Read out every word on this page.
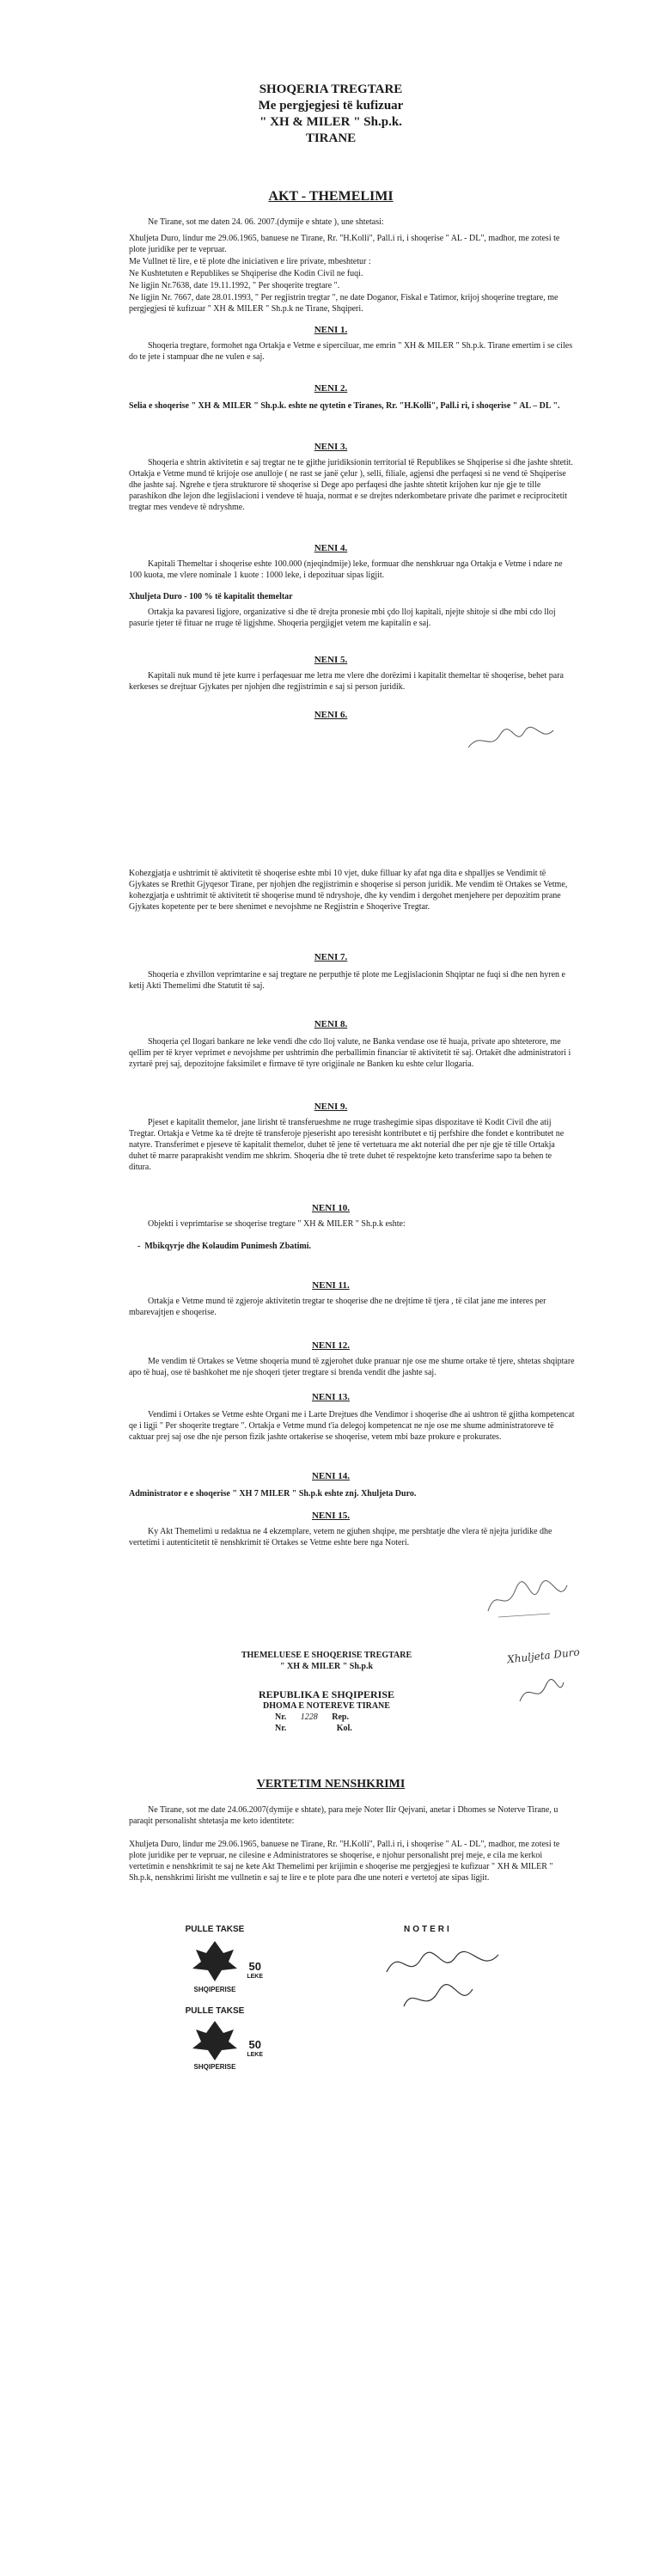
SHOQERIA TREGTARE
Me pergjegjesi të kufizuar
" XH & MILER " Sh.p.k.
TIRANE
AKT - THEMELIMI
Ne Tirane, sot me daten 24. 06. 2007.(dymije e shtate ), une shtetasi:
Xhuljeta Duro, lindur me 29.06.1965, banuese ne Tirane, Rr. "H.Kolli", Pall.i ri, i shoqerise " AL - DL", madhor, me zotesi te plote juridike per te vepruar.
Me Vullnet të lire, e të plote dhe iniciativen e lire private, mbeshtetur :
Ne Kushtetuten e Republikes se Shqiperise dhe Kodin Civil ne fuqi.
Ne ligjin Nr.7638, date 19.11.1992, " Per shoqerite tregtare ".
Ne ligjin Nr. 7667, date 28.01.1993, " Per regjistrin tregtar ", ne date Doganor, Fiskal e Tatimor, krijoj shoqerine tregtare, me pergjegjesi të kufizuar " XH & MILER " Sh.p.k ne Tirane, Shqiperi.
NENI 1.
Shoqeria tregtare, formohet nga Ortakja e Vetme e siperciluar, me emrin " XH & MILER " Sh.p.k. Tirane emertim i se ciles do te jete i stampuar dhe ne vulen e saj.
NENI 2.
Selia e shoqerise " XH & MILER " Sh.p.k. eshte ne qytetin e Tiranes, Rr. "H.Kolli", Pall.i ri, i shoqerise " AL – DL ".
NENI 3.
Shoqeria e shtrin aktivitetin e saj tregtar ne te gjithe juridiksionin territorial të Republikes se Shqiperise si dhe jashte shtetit. Ortakja e Vetme mund të krijoje ose anulloje ( ne rast se janë çelur ), selli, filiale, agjensi dhe perfaqesi si ne vend të Shqiperise dhe jashte saj. Ngrehe e tjera strukturore të shoqerise si Dege apo perfaqesi dhe jashte shtetit krijohen kur nje gje te tille parashikon dhe lejon dhe legjislacioni i vendeve të huaja, normat e se drejtes nderkombetare private dhe parimet e reciprocitetit tregtar mes vendeve të ndryshme.
NENI 4.
Kapitali Themeltar i shoqerise eshte 100.000 (njeqindmije) leke, formuar dhe nenshkruar nga Ortakja e Vetme i ndare ne 100 kuota, me vlere nominale 1 kuote : 1000 leke, i depozituar sipas ligjit.
Xhuljeta Duro - 100 % të kapitalit themeltar
Ortakja ka pavaresi ligjore, organizative si dhe të drejta pronesie mbi çdo lloj kapitali, njejte shitoje si dhe mbi cdo lloj pasurie tjeter të fituar ne rruge të ligjshme. Shoqeria pergjigjet vetem me kapitalin e saj.
NENI 5.
Kapitali nuk mund të jete kurre i perfaqesuar me letra me vlere dhe dorëzimi i kapitalit themeltar të shoqerise, behet para kerkeses se drejtuar Gjykates per njohjen dhe regjistrimin e saj si person juridik.
NENI 6.
Kohezgjatja e ushtrimit të aktivitetit të shoqerise eshte mbi 10 vjet, duke filluar ky afat nga dita e shpalljes se Vendimit të Gjykates se Rrethit Gjyqesor Tirane, per njohjen dhe regjistrimin e shoqerise si person juridik. Me vendim të Ortakes se Vetme, kohezgjatja e ushtrimit të aktivitetit të shoqerise mund të ndryshoje, dhe ky vendim i dergohet menjehere per depozitim prane Gjykates kopetente per te bere shenimet e nevojshme ne Regjistrin e Shoqerive Tregtar.
NENI 7.
Shoqeria e zhvillon veprimtarine e saj tregtare ne perputhje të plote me Legjislacionin Shqiptar ne fuqi si dhe nen hyren e ketij Akti Themelimi dhe Statutit të saj.
NENI 8.
Shoqeria çel llogari bankare ne leke vendi dhe cdo lloj valute, ne Banka vendase ose të huaja, private apo shteterore, me qellim per të kryer veprimet e nevojshme per ushtrimin dhe perballimin financiar të aktivitetit të saj. Ortakët dhe administratori i zyrtarë prej saj, depozitojne faksimilet e firmave të tyre origjinale ne Banken ku eshte celur llogaria.
NENI 9.
Pjeset e kapitalit themelor, jane lirisht të transferueshme ne rruge trashegimie sipas dispozitave të Kodit Civil dhe atij Tregtar. Ortakja e Vetme ka të drejte të transferoje pjeserisht apo teresisht kontributet e tij perfshire dhe fondet e kontributet ne natyre. Transferimet e pjeseve të kapitalit themelor, duhet të jene të vertetuara me akt noterial dhe per nje gje të tille Ortakja duhet të marre paraprakisht vendim me shkrim. Shoqeria dhe të trete duhet të respektojne keto transferime sapo ta behen te ditura.
NENI 10.
Objekti i veprimtarise se shoqerise tregtare " XH & MILER " Sh.p.k eshte:
-  Mbikqyrje dhe Kolaudim Punimesh Zbatimi.
NENI 11.
Ortakja e Vetme mund të zgjeroje aktivitetin tregtar te shoqerise dhe ne drejtime të tjera , të cilat jane me interes per mbarevajtjen e shoqerise.
NENI 12.
Me vendim të Ortakes se Vetme shoqeria mund të zgjerohet duke pranuar nje ose me shume ortake të tjere, shtetas shqiptare apo të huaj, ose të bashkohet me nje shoqeri tjeter tregtare si brenda vendit dhe jashte saj.
NENI 13.
Vendimi i Ortakes se Vetme eshte Organi me i Larte Drejtues dhe Vendimor i shoqerise dhe ai ushtron të gjitha kompetencat qe i ligji " Per shoqerite tregtare ". Ortakja e Vetme mund t'ia delegoj kompetencat ne nje ose me shume administratoreve të caktuar prej saj ose dhe nje person fizik jashte ortakerise se shoqerise, vetem mbi baze prokure e prokurates.
NENI 14.
Administrator e e shoqerise " XH 7 MILER " Sh.p.k eshte znj. Xhuljeta Duro.
NENI 15.
Ky Akt Themelimi u redaktua ne 4 ekzemplare, vetem ne gjuhen shqipe, me pershtatje dhe vlera të njejta juridike dhe vertetimi i autenticitetit të nenshkrimit të Ortakes se Vetme eshte bere nga Noteri.
THEMELUESE E SHOQERISE TREGTARE
" XH & MILER " Sh.p.k
Xhuljeta Duro
REPUBLIKA E SHQIPERISE
DHOMA E NOTEREVE TIRANE
Nr. 1228 Rep.
Nr.	Kol.
VERTETIM NENSHKRIMI
Ne Tirane, sot me date 24.06.2007(dymije e shtate), para meje Noter Ilir Qejvani, anetar i Dhomes se Noterve Tirane, u paraqit personalisht shtetasja me keto identitete:
Xhuljeta Duro, lindur me 29.06.1965, banuese ne Tirane, Rr. "H.Kolli", Pall.i ri, i shoqerise " AL - DL", madhor, me zotesi te plote juridike per te vepruar, ne cilesine e Administratores se shoqerise, e njohur personalisht prej meje, e cila me kerkoi vertetimin e nenshkrimit te saj ne kete Akt Themelimi per krijimin e shoqerise me pergjegjesi te kufizuar " XH & MILER " Sh.p.k, nenshkrimi lirisht me vullnetin e saj te lire e te plote para dhe une noteri e vertetoj ate sipas ligjit.
PULLE TAKSE
50
LEKE
SHQIPERISE
PULLE TAKSE
50
LEKE
SHQIPERISE
NOTERI
